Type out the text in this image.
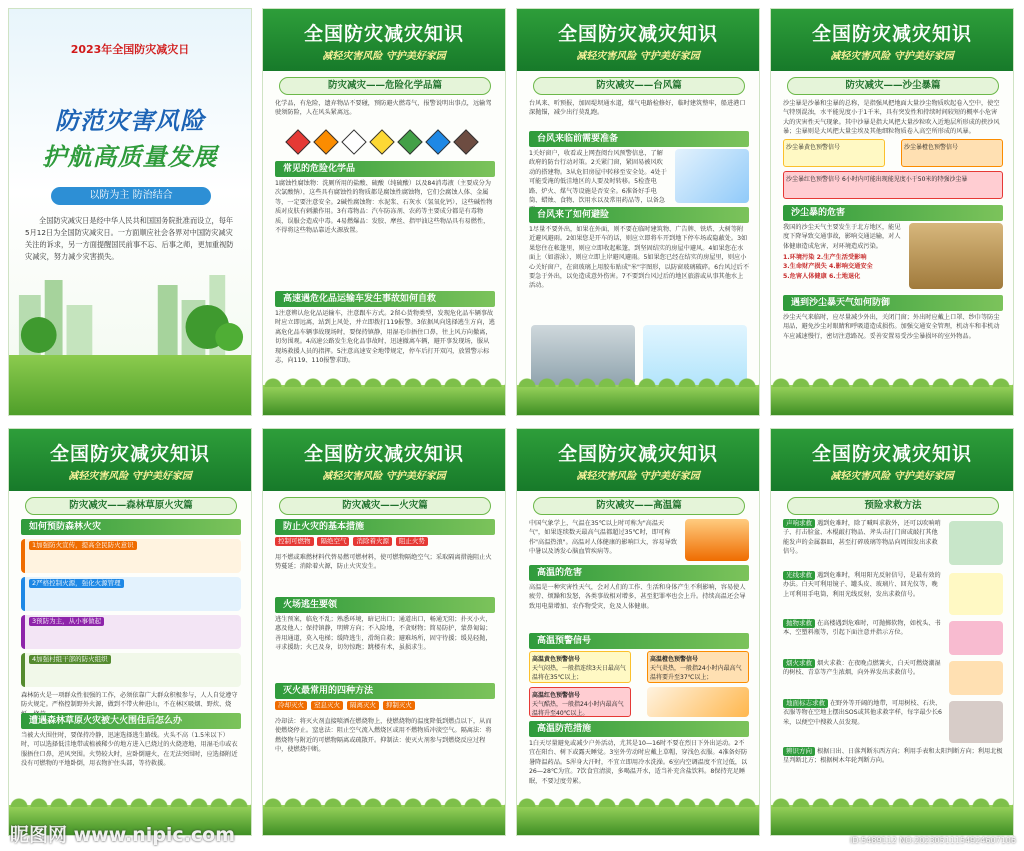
2023年全国防灾减灾日
防范灾害风险
护航高质量发展
以防为主 防治结合
全国防灾减灾日是经中华人民共和国国务院批准而设立，每年5月12日为全国防灾减灾日。一方面顺应社会各界对中国防灾减灾关注的诉求，另一方面提醒国民前事不忘、后事之师，更加重视防灾减灾，努力减少灾害损失。
全国防灾减灾知识
减轻灾害风险 守护美好家园
防灾减灾——危险化学品篇
化学品，有危险，遗弃物品不要碰，预防避火燃毒气，报警说明出事点，远输驾驶须防险，人在风头紧离远。
常见的危险化学品
1腐蚀性腐蚀物：洗厕所用的盐酸、硫酸（纯硫酸）以及84消毒液（主要成分为次氯酸钠），这些具有腐蚀性的物质都是腐蚀性腐蚀物，它们会腐蚀人体、金属等，一定要注意安全。2碱性腐蚀物：水泥浆、石灰水（氢氧化钙），这些碱性物质对皮肤有刺激作用。3有毒物品：汽车防冻剂、农药等主要成分都是有毒物质，误服会造成中毒。4易燃爆品：发胶、摩丝、指甲油这些物品具有易燃性，不得将这些物品靠近火源放置。
高速遇危化品运输车发生事故如何自救
1注意辨认危化品运输车，注意跟车方式。2留心货物类型，发现危化品车辆事故时应立即远离，站到上风处，并立即拨打119报警。3依据风向选择逃生方向，逃离危化品车辆事故现场时，要保持镇静，用湿毛巾捂住口鼻，往上风方向撤离，切勿围观。4高速公路发生危化品事故时，迅速撤离车辆，避开事发现场，服从现场救援人员的指挥。5注意高速安全地带规定，停车后打开双闪，放置警示标志，向119、110报警求助。
全国防灾减灾知识
减轻灾害风险 守护美好家园
防灾减灾——台风篇
台风来、听预报，加固堤坝通水道，煤气电路检修好，临时建筑整牢，船进港口深抛锚，减少出行莫乱跑。
台风来临前需要准备
1关好窗户，收看或上网查阅台风预警信息，了解政府的防台行动对策。2关紧门窗，紧固易被风吹动的搭建物。3从危旧房屋中转移至安全处。4处于可能受淹的低洼地区的人要及时转移。5检查电路、炉火、煤气等设施是否安全。6准备好手电筒、蜡烛、食物、饮用水以及常用药品等，以备急
台风来了如何避险
1尽量不要外出，如果在外面，则不要在临时建筑物、广告牌、铁塔、大树等附近避风避雨。2如果您是开车的话，则应立即将车开到地下停车场或隐蔽处。3如果您住在帐篷里，则应立即收起帐篷，到坚固结实的房屋中避风。4如果您在水面上（如游泳），则应立即上岸避风避雨。5如果您已经在结实的房屋里，则应小心关好窗户，在窗玻璃上用胶布贴成"米"字图形，以防窗玻璃破碎。6台风过后不要急于外出，以免造成意外伤害。7不要到台风过后的地区旅游或从事其他水上活动。
全国防灾减灾知识
减轻灾害风险 守护美好家园
防灾减灾——沙尘暴篇
沙尘暴是沙暴和尘暴的总称，是指强风把地面大量沙尘物质吹起卷入空中，使空气特别混浊，水平能见度小于1千米，具有突发性和持续时间较短的概率小危害大的灾害性天气现象。其中沙暴是指大风把大量沙粒吹入近地层所形成的挟沙风暴；尘暴则是大风把大量尘埃及其他细粒物质卷入高空所形成的风暴。
沙尘暴黄色预警信号	沙尘暴橙色预警信号
沙尘暴红色预警信号 6小时内可能出现能见度小于50米的特强沙尘暴
沙尘暴的危害
我国的沙尘天气主要发生于北方地区，能见度下降导致交通事故，影响交通运输，对人体健康造成危害，对环境造成污染。
1.环境污染 2.生产生活受影响
3.生命财产损失 4.影响交通安全
5.危害人体健康 6.土地退化
遇到沙尘暴天气如何防御
沙尘天气来临时，应尽量减少外出，关闭门窗；外出时应戴上口罩、纱巾等防尘用品，避免沙尘对眼睛和呼吸道造成损伤。加强交通安全管理，机动车和非机动车应减速慢行，密切注意路况。妥善安置易受沙尘暴损坏的室外物品。
全国防灾减灾知识
减轻灾害风险 守护美好家园
防灾减灾——森林草原火灾篇
如何预防森林火灾
1加强防火宣传，提高全民防火意识
2严格控制火源，强化火源管理
3预防为主，从小事做起
4加强村组干部的防火组织
森林防火是一项群众性很强的工作，必须依靠广大群众积极参与，人人自觉遵守防火规定。严格控制野外火源，做到不带火种进山，不在林区吸烟、野炊、烧
遭遇森林草原火灾被大火围住后怎么办
当被大火围住时，要保持冷静，迅速选择逃生路线。火头不高（1.5米以下）时，可以选择低洼地带或植被稀少的地方进入已烧过的火烧迹地，用湿毛巾或衣服捂住口鼻，逆风突围。火势较大时，应卧倒避火，在无法突围时，应选择附近没有可燃物的平地卧倒，用衣物护住头部，等待救援。
全国防灾减灾知识
减轻灾害风险 守护美好家园
防灾减灾——火灾篇
防止火灾的基本措施
控制可燃物 隔绝空气 消除着火源 阻止火势
用不燃或难燃材料代替易燃可燃材料，使可燃物隔绝空气；采取隔离措施阻止火势蔓延；消除着火源，防止火灾发生。
火场逃生要领
逃生预案，临危不乱；熟悉环境，暗记出口；通道出口，畅通无阻；扑灭小火，惠及他人；保持镇静，明辨方向；不入险地，不贪财物；简易防护，蒙鼻匍匐；善用通道，莫入电梯；缓降逃生，滑绳自救；避难场所，固守待援；缓晃轻抛，寻求援助；火已及身，切勿惊跑；跳楼有术，虽损求生。
灭火最常用的四种方法
冷却灭火 窒息灭火 隔离灭火 抑制灭火
冷却法：将灭火剂直接喷洒在燃烧物上，使燃烧物的温度降低到燃点以下，从而使燃烧停止。窒息法：阻止空气流入燃烧区或用不燃物质冲淡空气。隔离法：将燃烧物与附近的可燃物隔离或疏散开。抑制法：使灭火剂参与到燃烧反应过程中，使燃烧中断。
全国防灾减灾知识
减轻灾害风险 守护美好家园
防灾减灾——高温篇
中国气象学上，气温在35℃以上时可称为"高温天气"，如果连续数天最高气温都超过35℃时，即可称作"高温热浪"。高温对人体健康的影响巨大，容易导致中暑以及诱发心脑血管疾病等。
高温的危害
高温是一种灾害性天气，会对人们的工作、生活和身体产生不利影响，容易使人疲劳、烦躁和发怒，各类事故相对增多，甚至犯罪率也会上升。持续高温还会导致用电量增加、农作物受灾，危及人体健康。
高温预警信号
高温黄色预警信号
天气闷热，一般指连续3天日最高气温将在35℃以上；
高温橙色预警信号
天气炎热，一般指24小时内最高气温将要升至37℃以上；
高温红色预警信号
天气酷热，一般指24小时内最高气温将升至40℃以上。
高温防范措施
1白天尽量避免或减少户外活动，尤其是10—16时不要在烈日下外出运动。2不宜在阳台、树下或露天睡觉。3室外劳动时应戴上草帽，穿浅色衣服。4准备好防暑降温药品。5浑身大汗时，不宜立即用冷水洗澡。6室内空调温度不宜过低，以26—28℃为宜。7饮食宜清淡，多喝温开水，适当补充含盐饮料。8保持充足睡眠，不要过度劳累。
全国防灾减灾知识
减轻灾害风险 守护美好家园
预险求救方法
声响求救 遇到危难时，除了喊叫求救外，还可以吹响哨子、打击脸盆、木棍敲打物品、斧头击打门窗或敲打其他能发声的金属器皿，甚至打碎玻璃等物品向周围发出求救信号。
光线求救 遇到危难时，利用阳光反射信号，是最有效的办法。白天可利用镜子、罐头皮、玻璃片、回光仪等，晚上可利用手电筒，利用光线反射，发出求救信号。
抛物求救 在高楼遇到危难时，可抛掷软物，如枕头、书本、空塑料瓶等，引起下面注意并指示方位。
烟火求救 烟火求救：在夜晚点燃篝火，白天可燃烧潮湿的树枝、青草等产生浓烟，向外界发出求救信号。
地面标志求救 在野外等开阔的地带，可用树枝、石块、衣服等物在空地上摆出SOS或其他求救字样，每字最少长6米，以便空中搜救人员发现。
辨识方向 根据日出、日落判断东西方向；利用手表和太阳判断方向；利用北极星判断北方；根据树木年轮判断方向。
昵图网 www.nipic.com	ID:5489112 NO:20230511154924607106
